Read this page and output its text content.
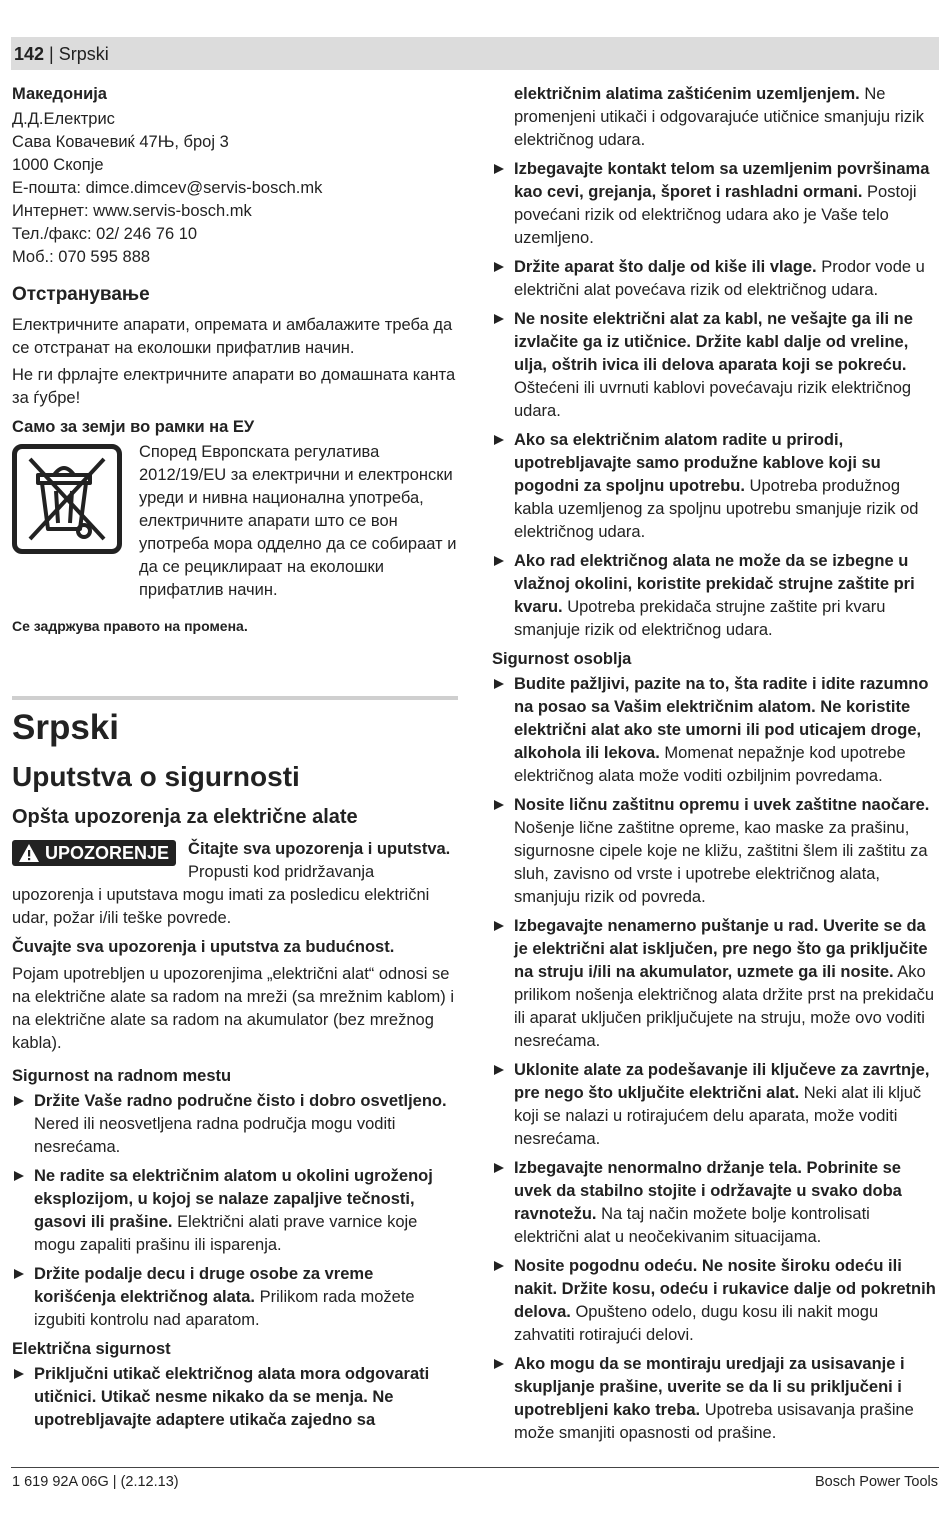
142 | Srpski
Македонија

Д.Д.Електрис

Сава Ковачевиќ 47Њ, број 3

1000 Скопје

Е-пошта: dimce.dimcev@servis-bosch.mk

Интернет: www.servis-bosch.mk

Тел./факс: 02/ 246 76 10

Моб.: 070 595 888

Отстранување

Електричните апарати, опремата и амбалажите треба да се отстранат на еколошки прифатлив начин.

Не ги фрлајте електричните апарати во домашната канта за ѓубре!

Само за земји во рамки на ЕУ

Според Европската регулатива 2012/19/EU за електрични и електронски уреди и нивна национална употреба, електричните апарати што се вон употреба мора одделно да се собираат и да се рециклираат на еколошки прифатлив начин.

Се задржува правото на промена.
Srpski
Uputstva o sigurnosti
Opšta upozorenja za električne alate
UPOZORENJE	Čitajte sva upozorenja i uputstva. Propusti kod pridržavanja upozorenja i uputstava mogu imati za posledicu električni udar, požar i/ili teške povrede.

Čuvajte sva upozorenja i uputstva za budućnost.

Pojam upotrebljen u upozorenjima „električni alat“ odnosi se na električne alate sa radom na mreži (sa mrežnim kablom) i na električne alate sa radom na akumulator (bez mrežnog kabla).

Sigurnost na radnom mestu
Držite Vaše radno područne čisto i dobro osvetljeno. Nered ili neosvetljena radna područja mogu voditi nesrećama.
Ne radite sa električnim alatom u okolini ugroženoj eksplozijom, u kojoj se nalaze zapaljive tečnosti, gasovi ili prašine. Električni alati prave varnice koje mogu zapaliti prašinu ili isparenja.
Držite podalje decu i druge osobe za vreme korišćenja električnog alata. Prilikom rada možete izgubiti kontrolu nad aparatom.
Električna sigurnost
Priključni utikač električnog alata mora odgovarati utičnici. Utikač nesme nikako da se menja. Ne upotrebljavajte adaptere utikača zajedno sa
električnim alatima zaštićenim uzemljenjem. Ne promenjeni utikači i odgovarajuće utičnice smanjuju rizik električnog udara.
Izbegavajte kontakt telom sa uzemljenim površinama kao cevi, grejanja, šporet i rashladni ormani. Postoji povećani rizik od električnog udara ako je Vaše telo uzemljeno.
Držite aparat što dalje od kiše ili vlage. Prodor vode u električni alat povećava rizik od električnog udara.
Ne nosite električni alat za kabl, ne vešajte ga ili ne izvlačite ga iz utičnice. Držite kabl dalje od vreline, ulja, oštrih ivica ili delova aparata koji se pokreću. Oštećeni ili uvrnuti kablovi povećavaju rizik električnog udara.
Ako sa električnim alatom radite u prirodi, upotrebljavajte samo produžne kablove koji su pogodni za spoljnu upotrebu. Upotreba produžnog kabla uzemljenog za spoljnu upotrebu smanjuje rizik od električnog udara.
Ako rad električnog alata ne može da se izbegne u vlažnoj okolini, koristite prekidač strujne zaštite pri kvaru. Upotreba prekidača strujne zaštite pri kvaru smanjuje rizik od električnog udara.
Sigurnost osoblja
Budite pažljivi, pazite na to, šta radite i idite razumno na posao sa Vašim električnim alatom. Ne koristite električni alat ako ste umorni ili pod uticajem droge, alkohola ili lekova. Momenat nepažnje kod upotrebe električnog alata može voditi ozbiljnim povredama.
Nosite ličnu zaštitnu opremu i uvek zaštitne naočare. Nošenje lične zaštitne opreme, kao maske za prašinu, sigurnosne cipele koje ne kližu, zaštitni šlem ili zaštitu za sluh, zavisno od vrste i upotrebe električnog alata, smanjuju rizik od povreda.
Izbegavajte nenamerno puštanje u rad. Uverite se da je električni alat isključen, pre nego što ga priključite na struju i/ili na akumulator, uzmete ga ili nosite. Ako prilikom nošenja električnog alata držite prst na prekidaču ili aparat uključen priključujete na struju, može ovo voditi nesrećama.
Uklonite alate za podešavanje ili ključeve za zavrtnje, pre nego što uključite električni alat. Neki alat ili ključ koji se nalazi u rotirajućem delu aparata, može voditi nesrećama.
Izbegavajte nenormalno držanje tela. Pobrinite se uvek da stabilno stojite i održavajte u svako doba ravnotežu. Na taj način možete bolje kontrolisati električni alat u neočekivanim situacijama.
Nosite pogodnu odeću. Ne nosite široku odeću ili nakit. Držite kosu, odeću i rukavice dalje od pokretnih delova. Opušteno odelo, dugu kosu ili nakit mogu zahvatiti rotirajući delovi.
Ako mogu da se montiraju uredjaji za usisavanje i skupljanje prašine, uverite se da li su priključeni i upotrebljeni kako treba. Upotreba usisavanja prašine može smanjiti opasnosti od prašine.
1 619 92A 06G | (2.12.13)	Bosch Power Tools
